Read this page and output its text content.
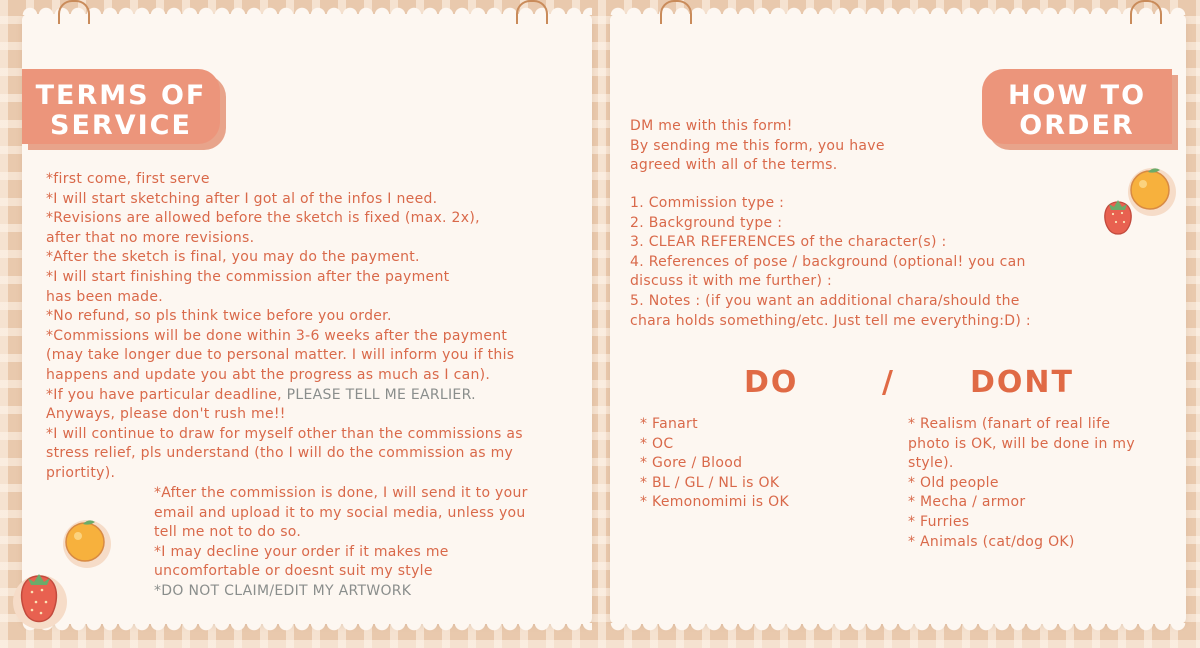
TERMS OF
SERVICE

*first come, first serve

*I will start sketching after I got al of the infos I need.

*Revisions are allowed before the sketch is fixed (max. 2x),

after that no more revisions.

*After the sketch is final, you may do the payment.

*I will start finishing the commission after the payment

has been made.

*No refund, so pls think twice before you order.

*Commissions will be done within 3-6 weeks after the payment

(may take longer due to personal matter. I will inform you if this

happens and update you abt the progress as much as I can).

*If you have particular deadline, PLEASE TELL ME EARLIER.

Anyways, please don't rush me!!

*I will continue to draw for myself other than the commissions as

stress relief, pls understand (tho I will do the commission as my

priortity).

*After the commission is done, I will send it to your

email and upload it to my social media, unless you

tell me not to do so.

*I may decline your order if it makes me

uncomfortable or doesnt suit my style

*DO NOT CLAIM/EDIT MY ARTWORK

HOW TO
ORDER

DM me with this form!

By sending me this form, you have

agreed with all of the terms.

1. Commission type :

2. Background type :

3. CLEAR REFERENCES of the character(s) :

4. References of pose / background (optional! you can

discuss it with me further) :

5. Notes : (if you want an additional chara/should the

chara holds something/etc. Just tell me everything:D) :

DO	/	DONT

* Fanart

* OC

* Gore / Blood

* BL / GL / NL is OK

* Kemonomimi is OK

* Realism (fanart of real life

photo is OK, will be done in my

style).

* Old people

* Mecha / armor

* Furries

* Animals (cat/dog OK)
